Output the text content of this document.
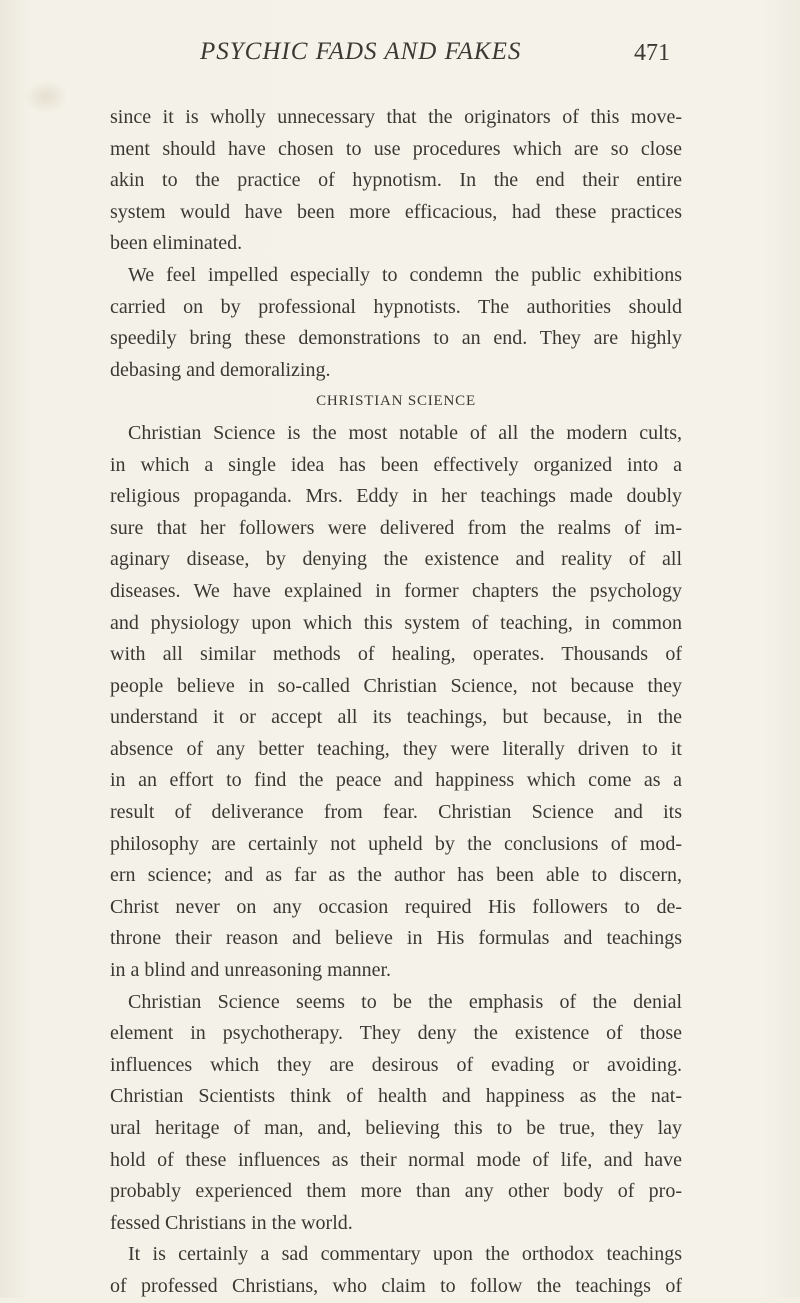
PSYCHIC FADS AND FAKES	471
since it is wholly unnecessary that the originators of this move-
ment should have chosen to use procedures which are so close
akin to the practice of hypnotism. In the end their entire
system would have been more efficacious, had these practices
been eliminated.
We feel impelled especially to condemn the public exhibitions
carried on by professional hypnotists. The authorities should
speedily bring these demonstrations to an end. They are highly
debasing and demoralizing.
CHRISTIAN SCIENCE
Christian Science is the most notable of all the modern cults,
in which a single idea has been effectively organized into a
religious propaganda. Mrs. Eddy in her teachings made doubly
sure that her followers were delivered from the realms of im-
aginary disease, by denying the existence and reality of all
diseases. We have explained in former chapters the psychology
and physiology upon which this system of teaching, in common
with all similar methods of healing, operates. Thousands of
people believe in so-called Christian Science, not because they
understand it or accept all its teachings, but because, in the
absence of any better teaching, they were literally driven to it
in an effort to find the peace and happiness which come as a
result of deliverance from fear. Christian Science and its
philosophy are certainly not upheld by the conclusions of mod-
ern science; and as far as the author has been able to discern,
Christ never on any occasion required His followers to de-
throne their reason and believe in His formulas and teachings
in a blind and unreasoning manner.
Christian Science seems to be the emphasis of the denial
element in psychotherapy. They deny the existence of those
influences which they are desirous of evading or avoiding.
Christian Scientists think of health and happiness as the nat-
ural heritage of man, and, believing this to be true, they lay
hold of these influences as their normal mode of life, and have
probably experienced them more than any other body of pro-
fessed Christians in the world.
It is certainly a sad commentary upon the orthodox teachings
of professed Christians, who claim to follow the teachings of
